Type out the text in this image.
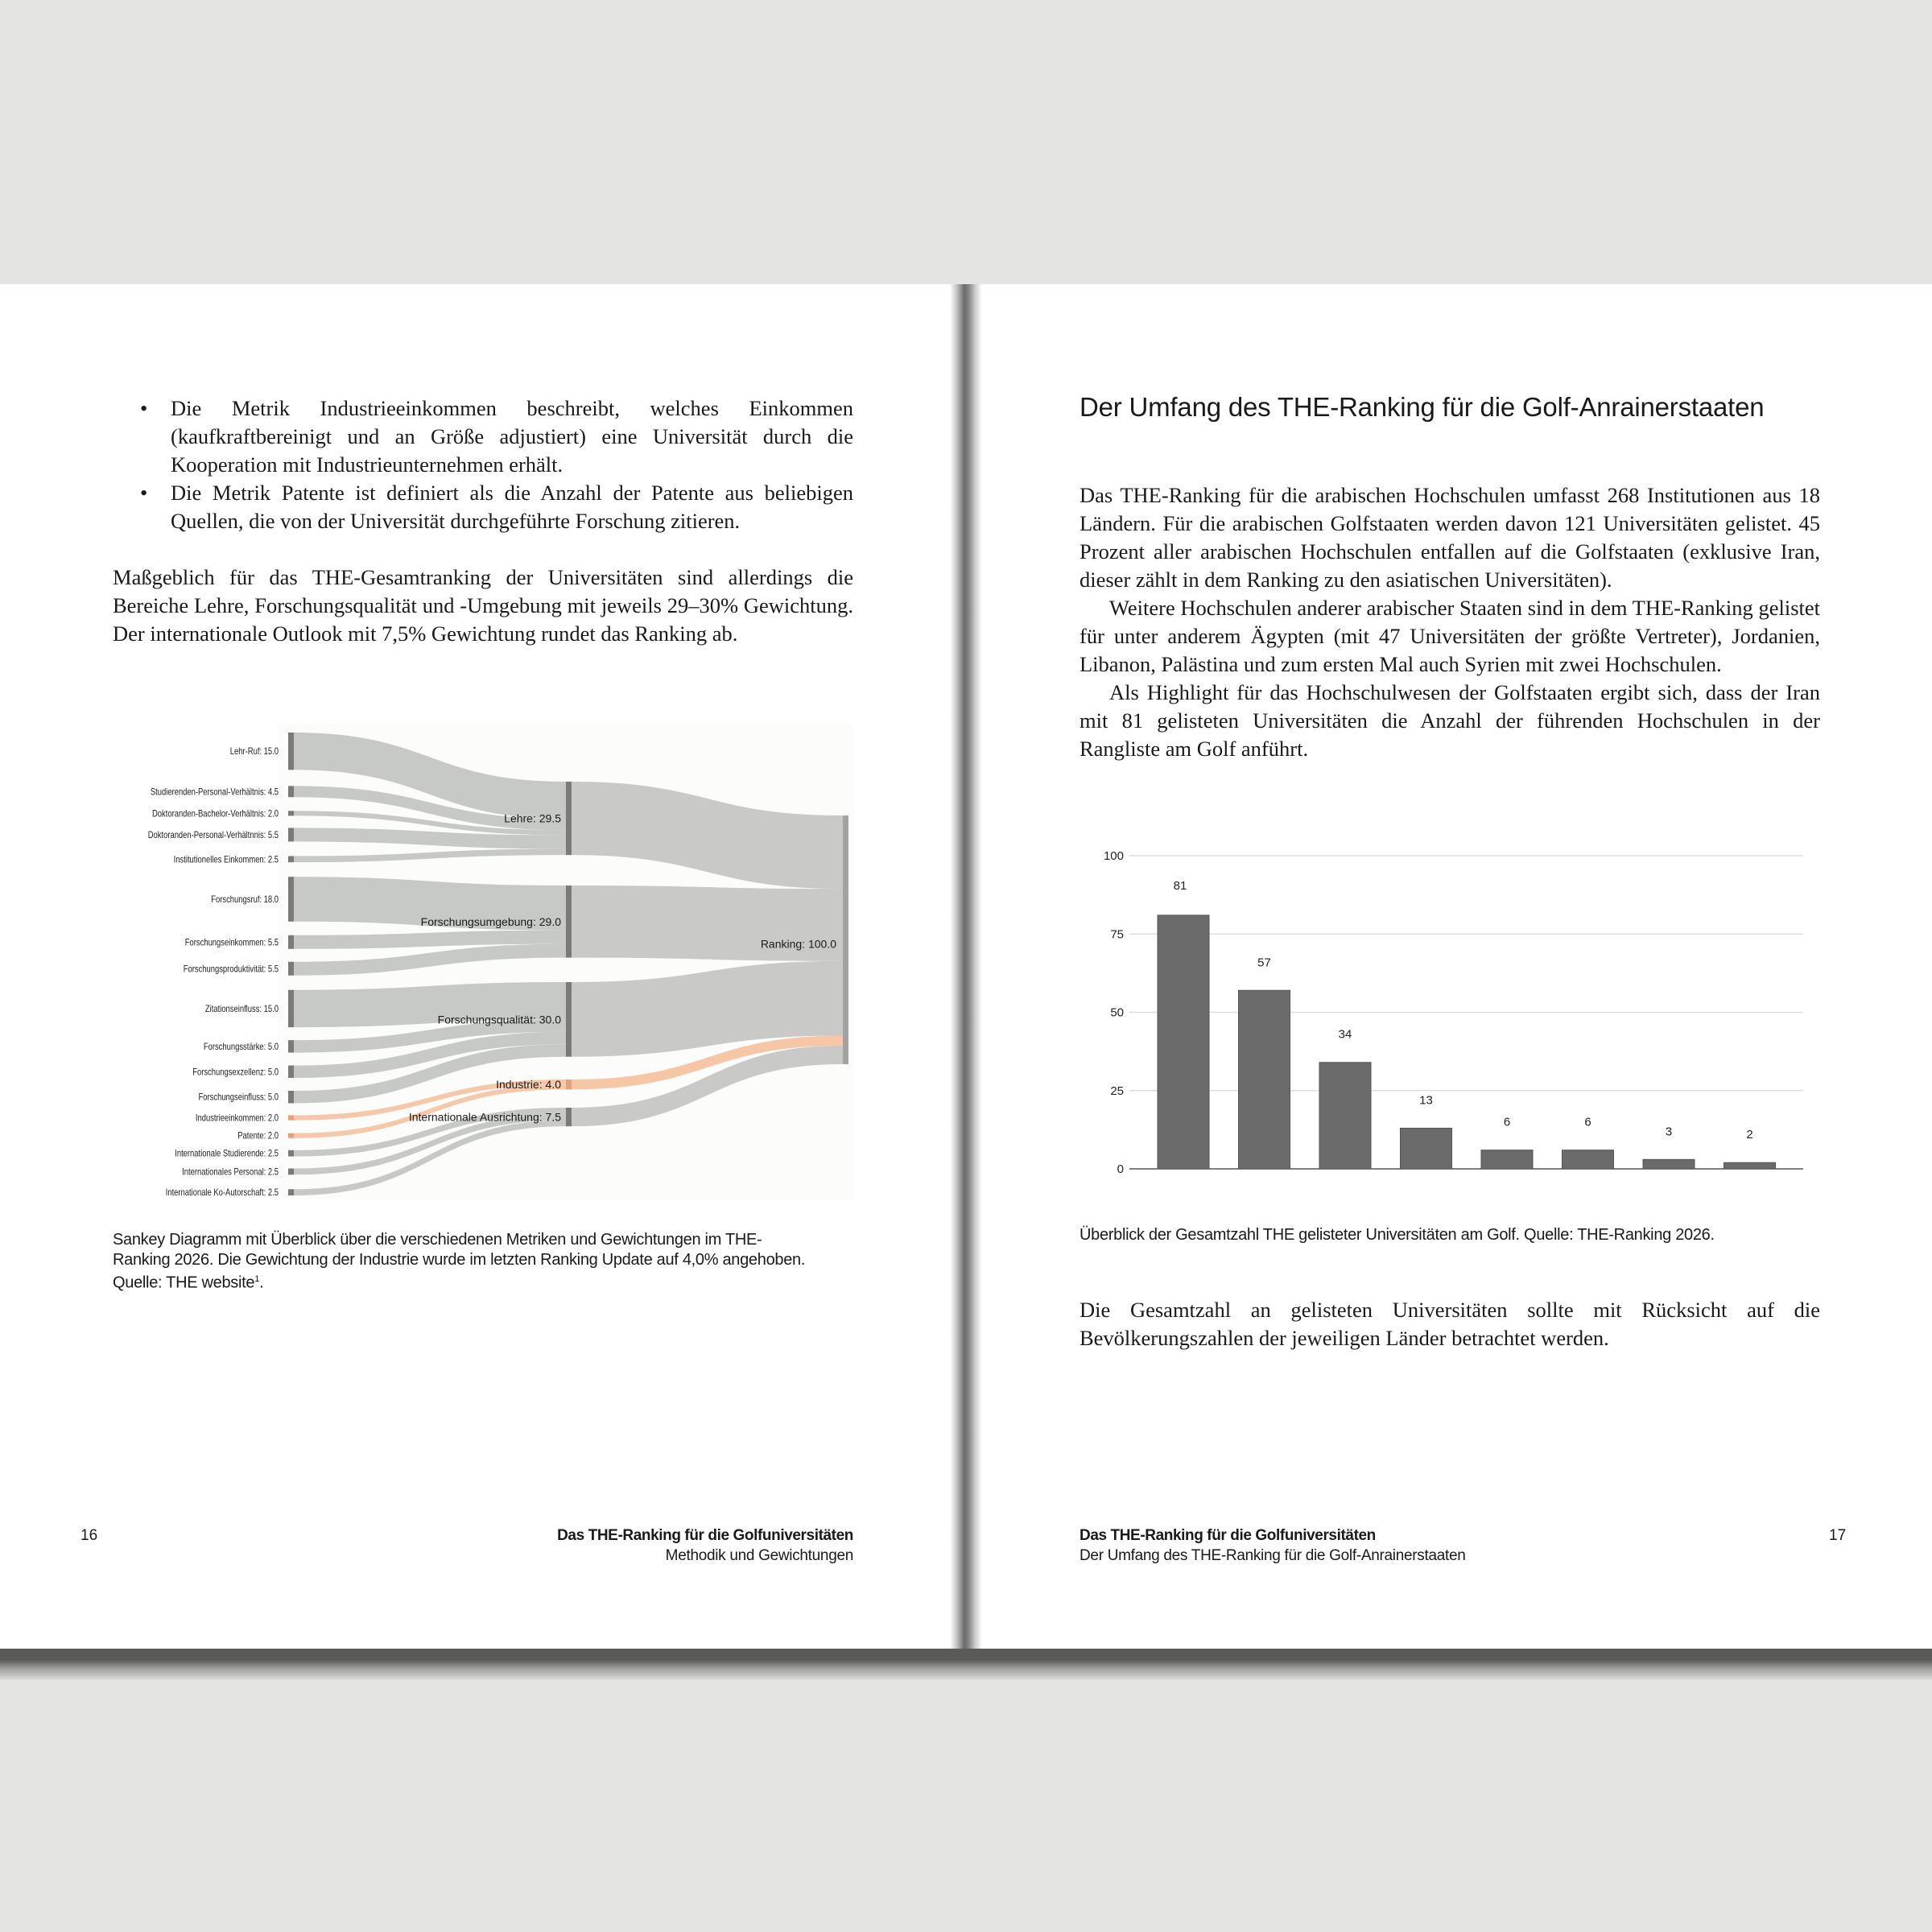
• Die Metrik Industrieeinkommen beschreibt, welches Einkommen (kaufkraftbereinigt und an Größe adjustiert) eine Universität durch die Kooperation mit Industrieunternehmen erhält.
• Die Metrik Patente ist definiert als die Anzahl der Patente aus beliebigen Quellen, die von der Universität durchgeführte Forschung zitieren.

Maßgeblich für das THE-Gesamtranking der Universitäten sind allerdings die Bereiche Lehre, Forschungsqualität und -Umgebung mit jeweils 29–30% Gewichtung. Der internationale Outlook mit 7,5% Gewichtung rundet das Ranking ab.

Lehr-Ruf: 15.0
Studierenden-Personal-Verhältnis: 4.5
Doktoranden-Bachelor-Verhältnis: 2.0
Doktoranden-Personal-Verhältnnis: 5.5
Institutionelles Einkommen: 2.5
Forschungsruf: 18.0
Forschungseinkommen: 5.5
Forschungsproduktivität: 5.5
Zitationseinfluss: 15.0
Forschungsstärke: 5.0
Forschungsexzellenz: 5.0
Forschungseinfluss: 5.0
Industrieeinkommen: 2.0
Patente: 2.0
Internationale Studierende: 2.5
Internationales Personal: 2.5
Internationale Ko-Autorschaft: 2.5
Lehre: 29.5
Forschungsumgebung: 29.0
Forschungsqualität: 30.0
Industrie: 4.0
Internationale Ausrichtung: 7.5
Ranking: 100.0
Sankey Diagramm mit Überblick über die verschiedenen Metriken und Gewichtungen im THE-
Ranking 2026. Die Gewichtung der Industrie wurde im letzten Ranking Update auf 4,0% angehoben.
Quelle: THE website$^1$.
16	Das THE-Ranking für die Golfuniversitäten
Methodik und Gewichtungen
Der Umfang des THE-Ranking für die Golf-Anrainerstaaten

Das THE-Ranking für die arabischen Hochschulen umfasst 268 Institutionen aus 18 Ländern. Für die arabischen Golfstaaten werden davon 121 Universitäten gelistet. 45 Prozent aller arabischen Hochschulen entfallen auf die Golfstaaten (exklusive Iran, dieser zählt in dem Ranking zu den asiatischen Universitäten).

Weitere Hochschulen anderer arabischer Staaten sind in dem THE-Ranking gelistet für unter anderem Ägypten (mit 47 Universitäten der größte Vertreter), Jordanien, Libanon, Palästina und zum ersten Mal auch Syrien mit zwei Hochschulen.

Als Highlight für das Hochschulwesen der Golfstaaten ergibt sich, dass der Iran mit 81 gelisteten Universitäten die Anzahl der führenden Hochschulen in der Rangliste am Golf anführt.

0
25
50
75
100
81
57
34
13
6	6
3	2
Überblick der Gesamtzahl THE gelisteter Universitäten am Golf. Quelle: THE-Ranking 2026.

Die Gesamtzahl an gelisteten Universitäten sollte mit Rücksicht auf die Bevölkerungszahlen der jeweiligen Länder betrachtet werden.

Das THE-Ranking für die Golfuniversitäten
Der Umfang des THE-Ranking für die Golf-Anrainerstaaten
17
